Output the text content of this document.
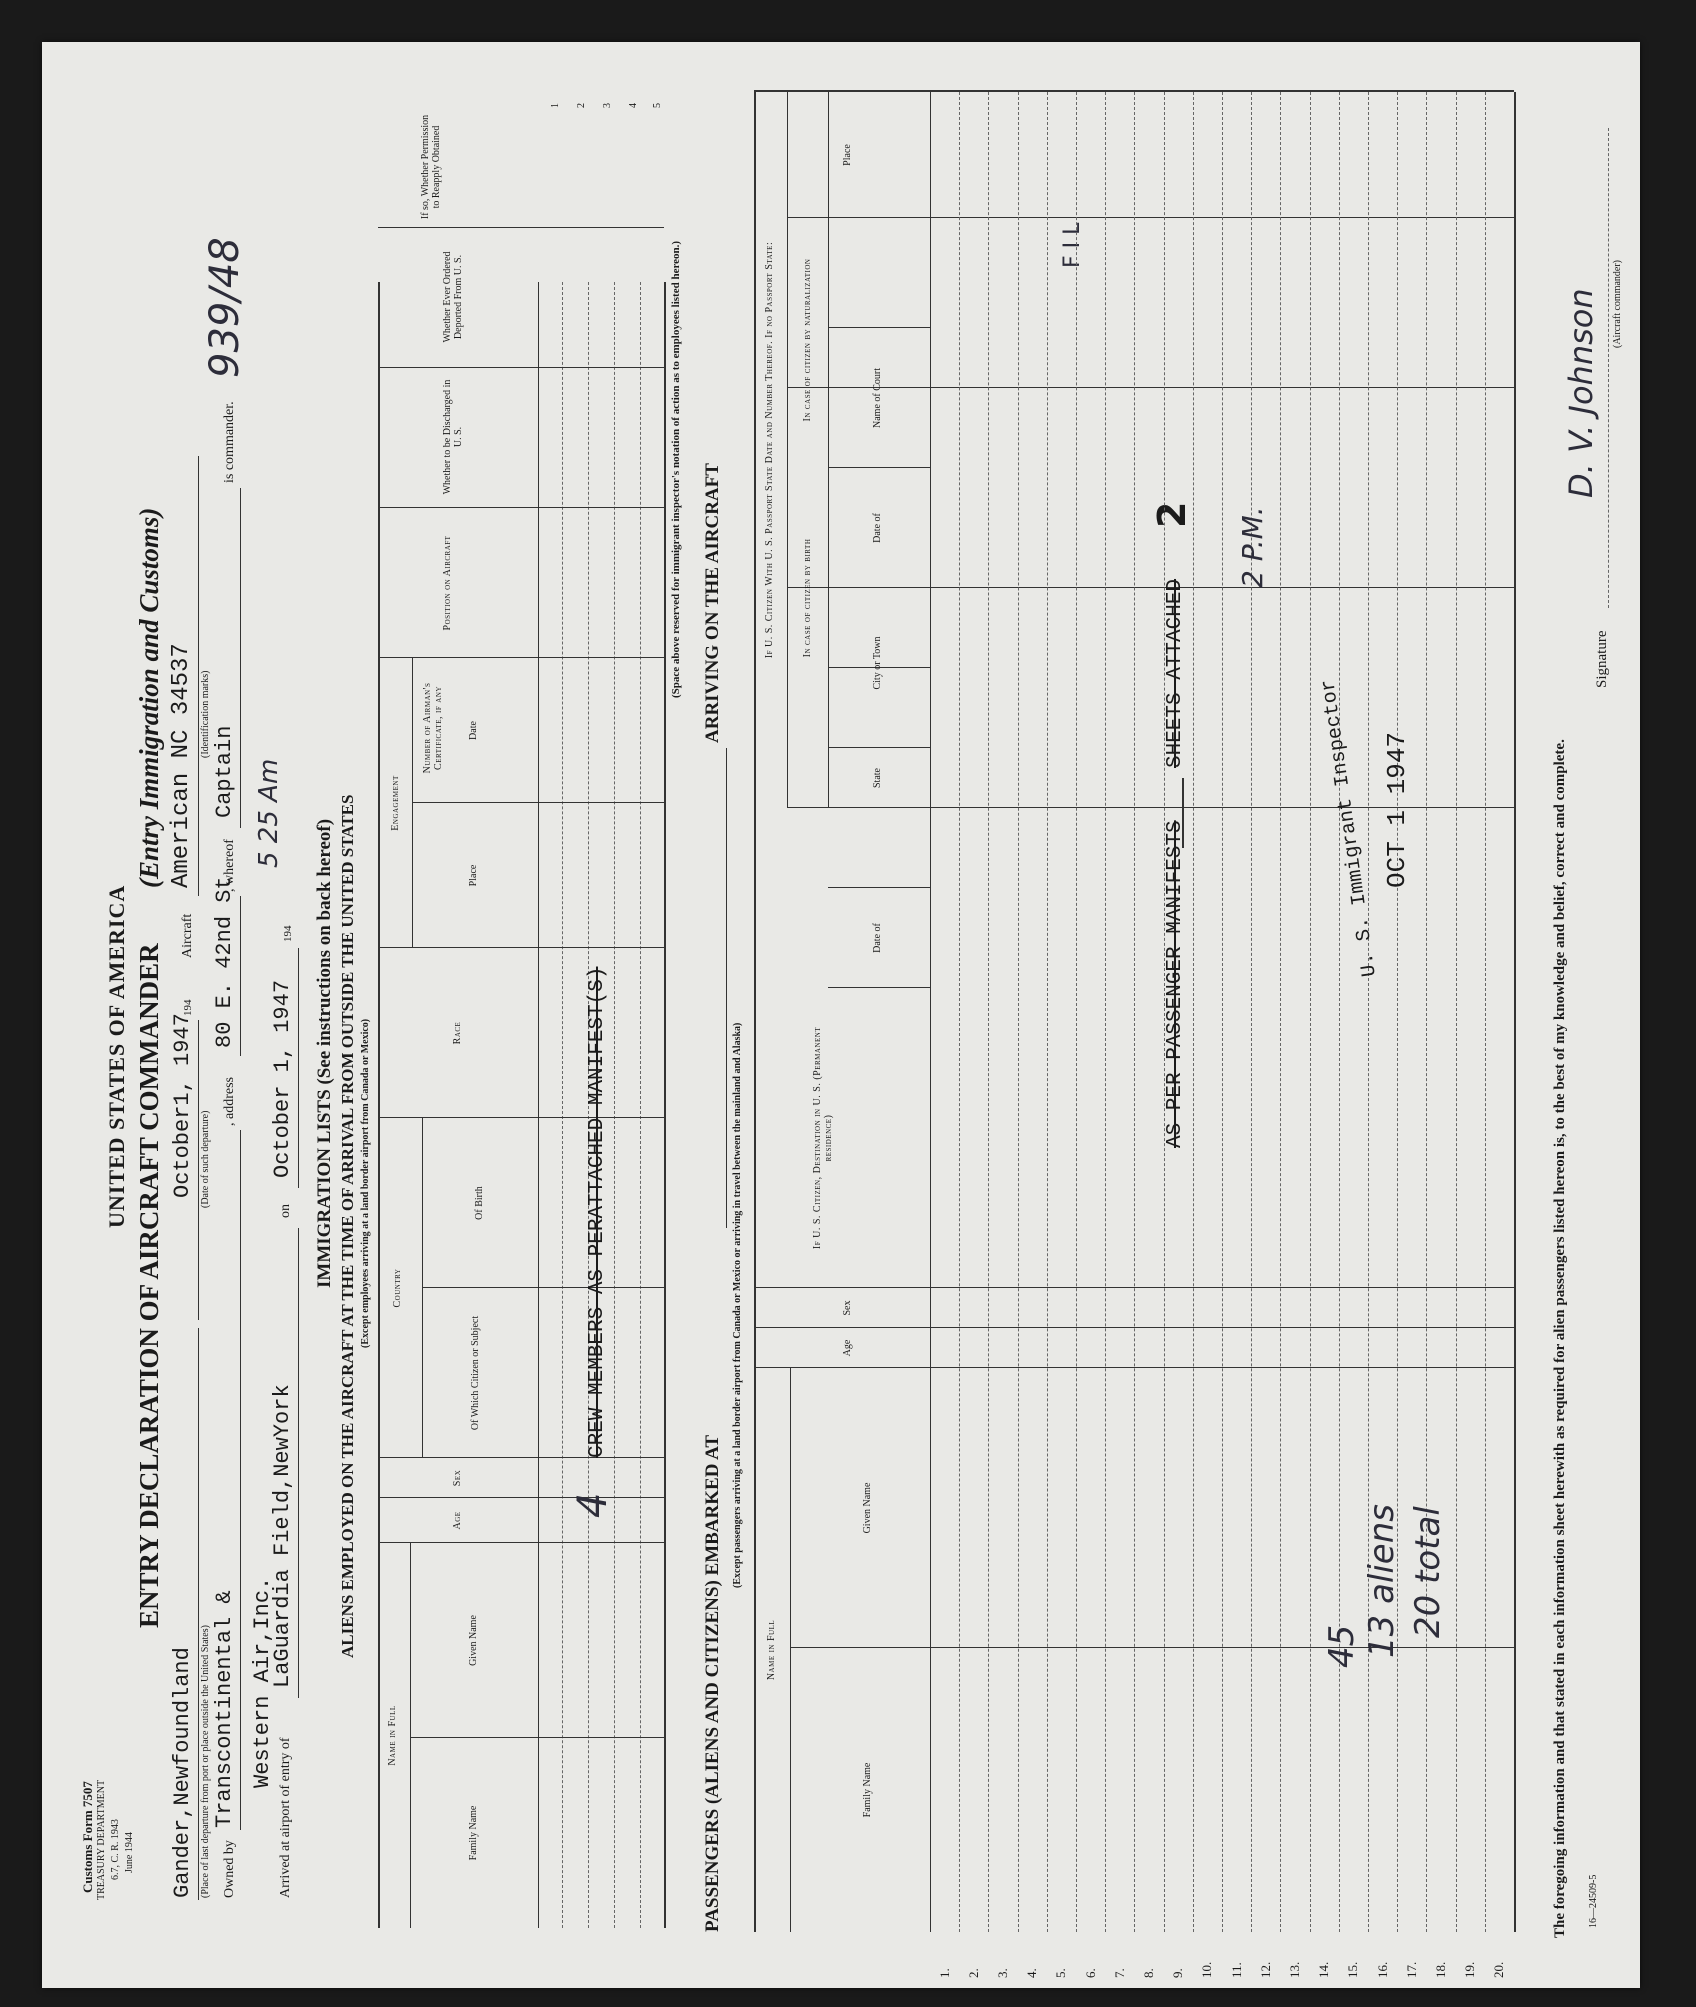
Customs Form 7507 TREASURY DEPARTMENT 6.7, C. R. 1943 June 1944
UNITED STATES OF AMERICA ENTRY DECLARATION OF AIRCRAFT COMMANDER
(Entry Immigration and Customs)
Gander,Newfoundland (Place of last departure from port or place outside the United States)
October1, 1947 (Date of such departure)
194
Aircraft
American NC 34537 (Identification marks)
Owned by
Transcontinental &
, address
80 E. 42nd St
, whereof
Captain
is commander.
Western Air,Inc.
Arrived at airport of entry of
LaGuardia Field,NewYork
on
October 1, 1947
194
5 25 Am
IMMIGRATION LISTS (See instructions on back hereof) ALIENS EMPLOYED ON THE AIRCRAFT AT THE TIME OF ARRIVAL FROM OUTSIDE THE UNITED STATES (Except employees arriving at a land border airport from Canada or Mexico)
Name in Full
Family Name
Given Name
Age
Sex
Country
Of Which Citizen or Subject
Of Birth
Race
Number of Airman's Certificate, if any
Engagement
Place
Date
Position on Aircraft
Whether to be Discharged in U. S.
Whether Ever Ordered Deported From U. S.
If so, Whether Permission to Reapply Obtained
CREW MEMBERS AS PERATTACHED MANIFEST(S)
4
1 2 3 4 5
(Space above reserved for immigrant inspector's notation of action as to employees listed hereon.)
939/48	F I L
2
PASSENGERS (ALIENS AND CITIZENS) EMBARKED AT
ARRIVING ON THE AIRCRAFT
(Except passengers arriving at a land border airport from Canada or Mexico or arriving in travel between the mainland and Alaska)
Name in Full
Family Name
Given Name
Age
Sex
If U. S. Citizen, Destination in U. S. (Permanent residence)
If U. S. Citizen With U. S. Passport State Date and Number Thereof. If no Passport State:	In case of citizen by birth
In case of citizen by naturalization
Date of
State
City or Town
Date of
Name of Court
Place
AS PER PASSENGER MANIFESTS
SHEETS ATTACHED
45 13 aliens 20 total
U. S. Immigrant Inspector OCT 1 1947
2 P.M.
1. 2. 3. 4. 5. 6. 7. 8. 9. 10. 11. 12. 13. 14. 15. 16. 17. 18. 19. 20.
The foregoing information and that stated in each information sheet herewith as required for alien passengers listed hereon is, to the best of my knowledge and belief, correct and complete. 16—24509-5
Signature
D. V. Johnson (Aircraft commander)
